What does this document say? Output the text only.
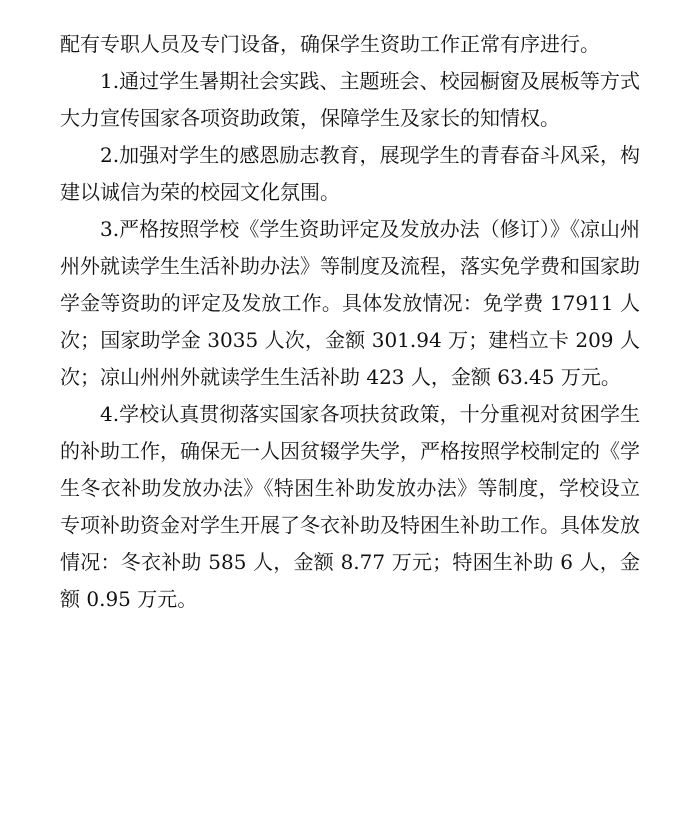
配有专职人员及专门设备，确保学生资助工作正常有序进行。

1.通过学生暑期社会实践、主题班会、校园橱窗及展板等方式大力宣传国家各项资助政策，保障学生及家长的知情权。

2.加强对学生的感恩励志教育，展现学生的青春奋斗风采，构建以诚信为荣的校园文化氛围。

3.严格按照学校《学生资助评定及发放办法（修订）》《凉山州州外就读学生生活补助办法》等制度及流程，落实免学费和国家助学金等资助的评定及发放工作。具体发放情况：免学费 17911 人次；国家助学金 3035 人次，金额 301.94 万；建档立卡 209 人次；凉山州州外就读学生生活补助 423 人，金额 63.45 万元。

4.学校认真贯彻落实国家各项扶贫政策，十分重视对贫困学生的补助工作，确保无一人因贫辍学失学，严格按照学校制定的《学生冬衣补助发放办法》《特困生补助发放办法》等制度，学校设立专项补助资金对学生开展了冬衣补助及特困生补助工作。具体发放情况：冬衣补助 585 人，金额 8.77 万元；特困生补助 6 人，金额 0.95 万元。
